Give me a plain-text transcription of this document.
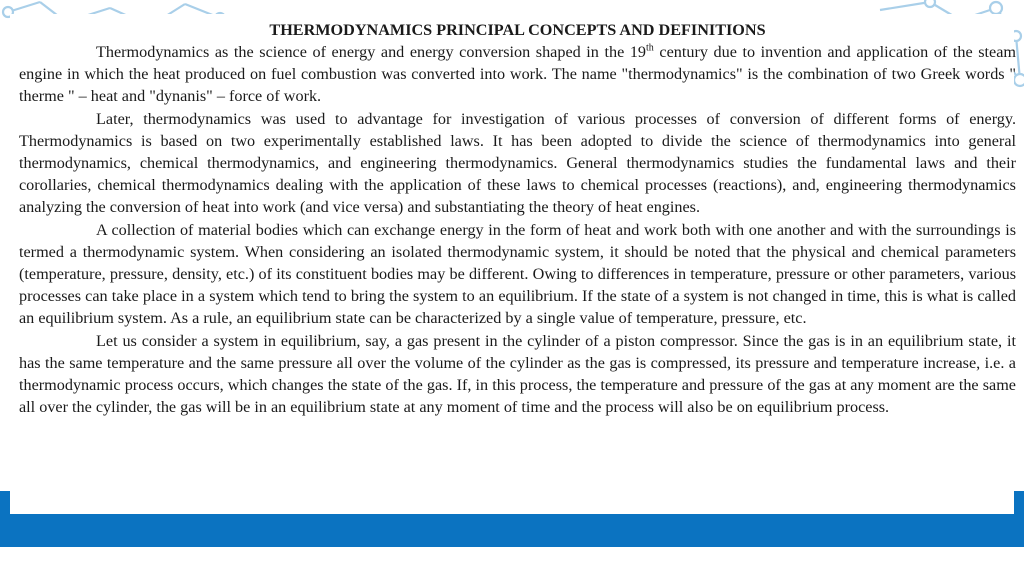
THERMODYNAMICS PRINCIPAL CONCEPTS AND DEFINITIONS

Thermodynamics as the science of energy and energy conversion shaped in the 19th century due to invention and application of the steam engine in which the heat produced on fuel combustion was converted into work. The name "thermodynamics" is the combination of two Greek words " therme " – heat and "dynanis" – force of work.

Later, thermodynamics was used to advantage for investigation of various processes of conversion of different forms of energy. Thermodynamics is based on two experimentally established laws. It has been adopted to divide the science of thermodynamics into general thermodynamics, chemical thermodynamics, and engineering thermodynamics. General thermodynamics studies the fundamental laws and their corollaries, chemical thermodynamics dealing with the application of these laws to chemical processes (reactions), and, engineering thermodynamics analyzing the conversion of heat into work (and vice versa) and substantiating the theory of heat engines.

A collection of material bodies which can exchange energy in the form of heat and work both with one another and with the surroundings is termed a thermodynamic system. When considering an isolated thermodynamic system, it should be noted that the physical and chemical parameters (temperature, pressure, density, etc.) of its constituent bodies may be different. Owing to differences in temperature, pressure or other parameters, various processes can take place in a system which tend to bring the system to an equilibrium. If the state of a system is not changed in time, this is what is called an equilibrium system. As a rule, an equilibrium state can be characterized by a single value of temperature, pressure, etc.

Let us consider a system in equilibrium, say, a gas present in the cylinder of a piston compressor. Since the gas is in an equilibrium state, it has the same temperature and the same pressure all over the volume of the cylinder as the gas is compressed, its pressure and temperature increase, i.e. a thermodynamic process occurs, which changes the state of the gas. If, in this process, the temperature and pressure of the gas at any moment are the same all over the cylinder, the gas will be in an equilibrium state at any moment of time and the process will also be on equilibrium process.
